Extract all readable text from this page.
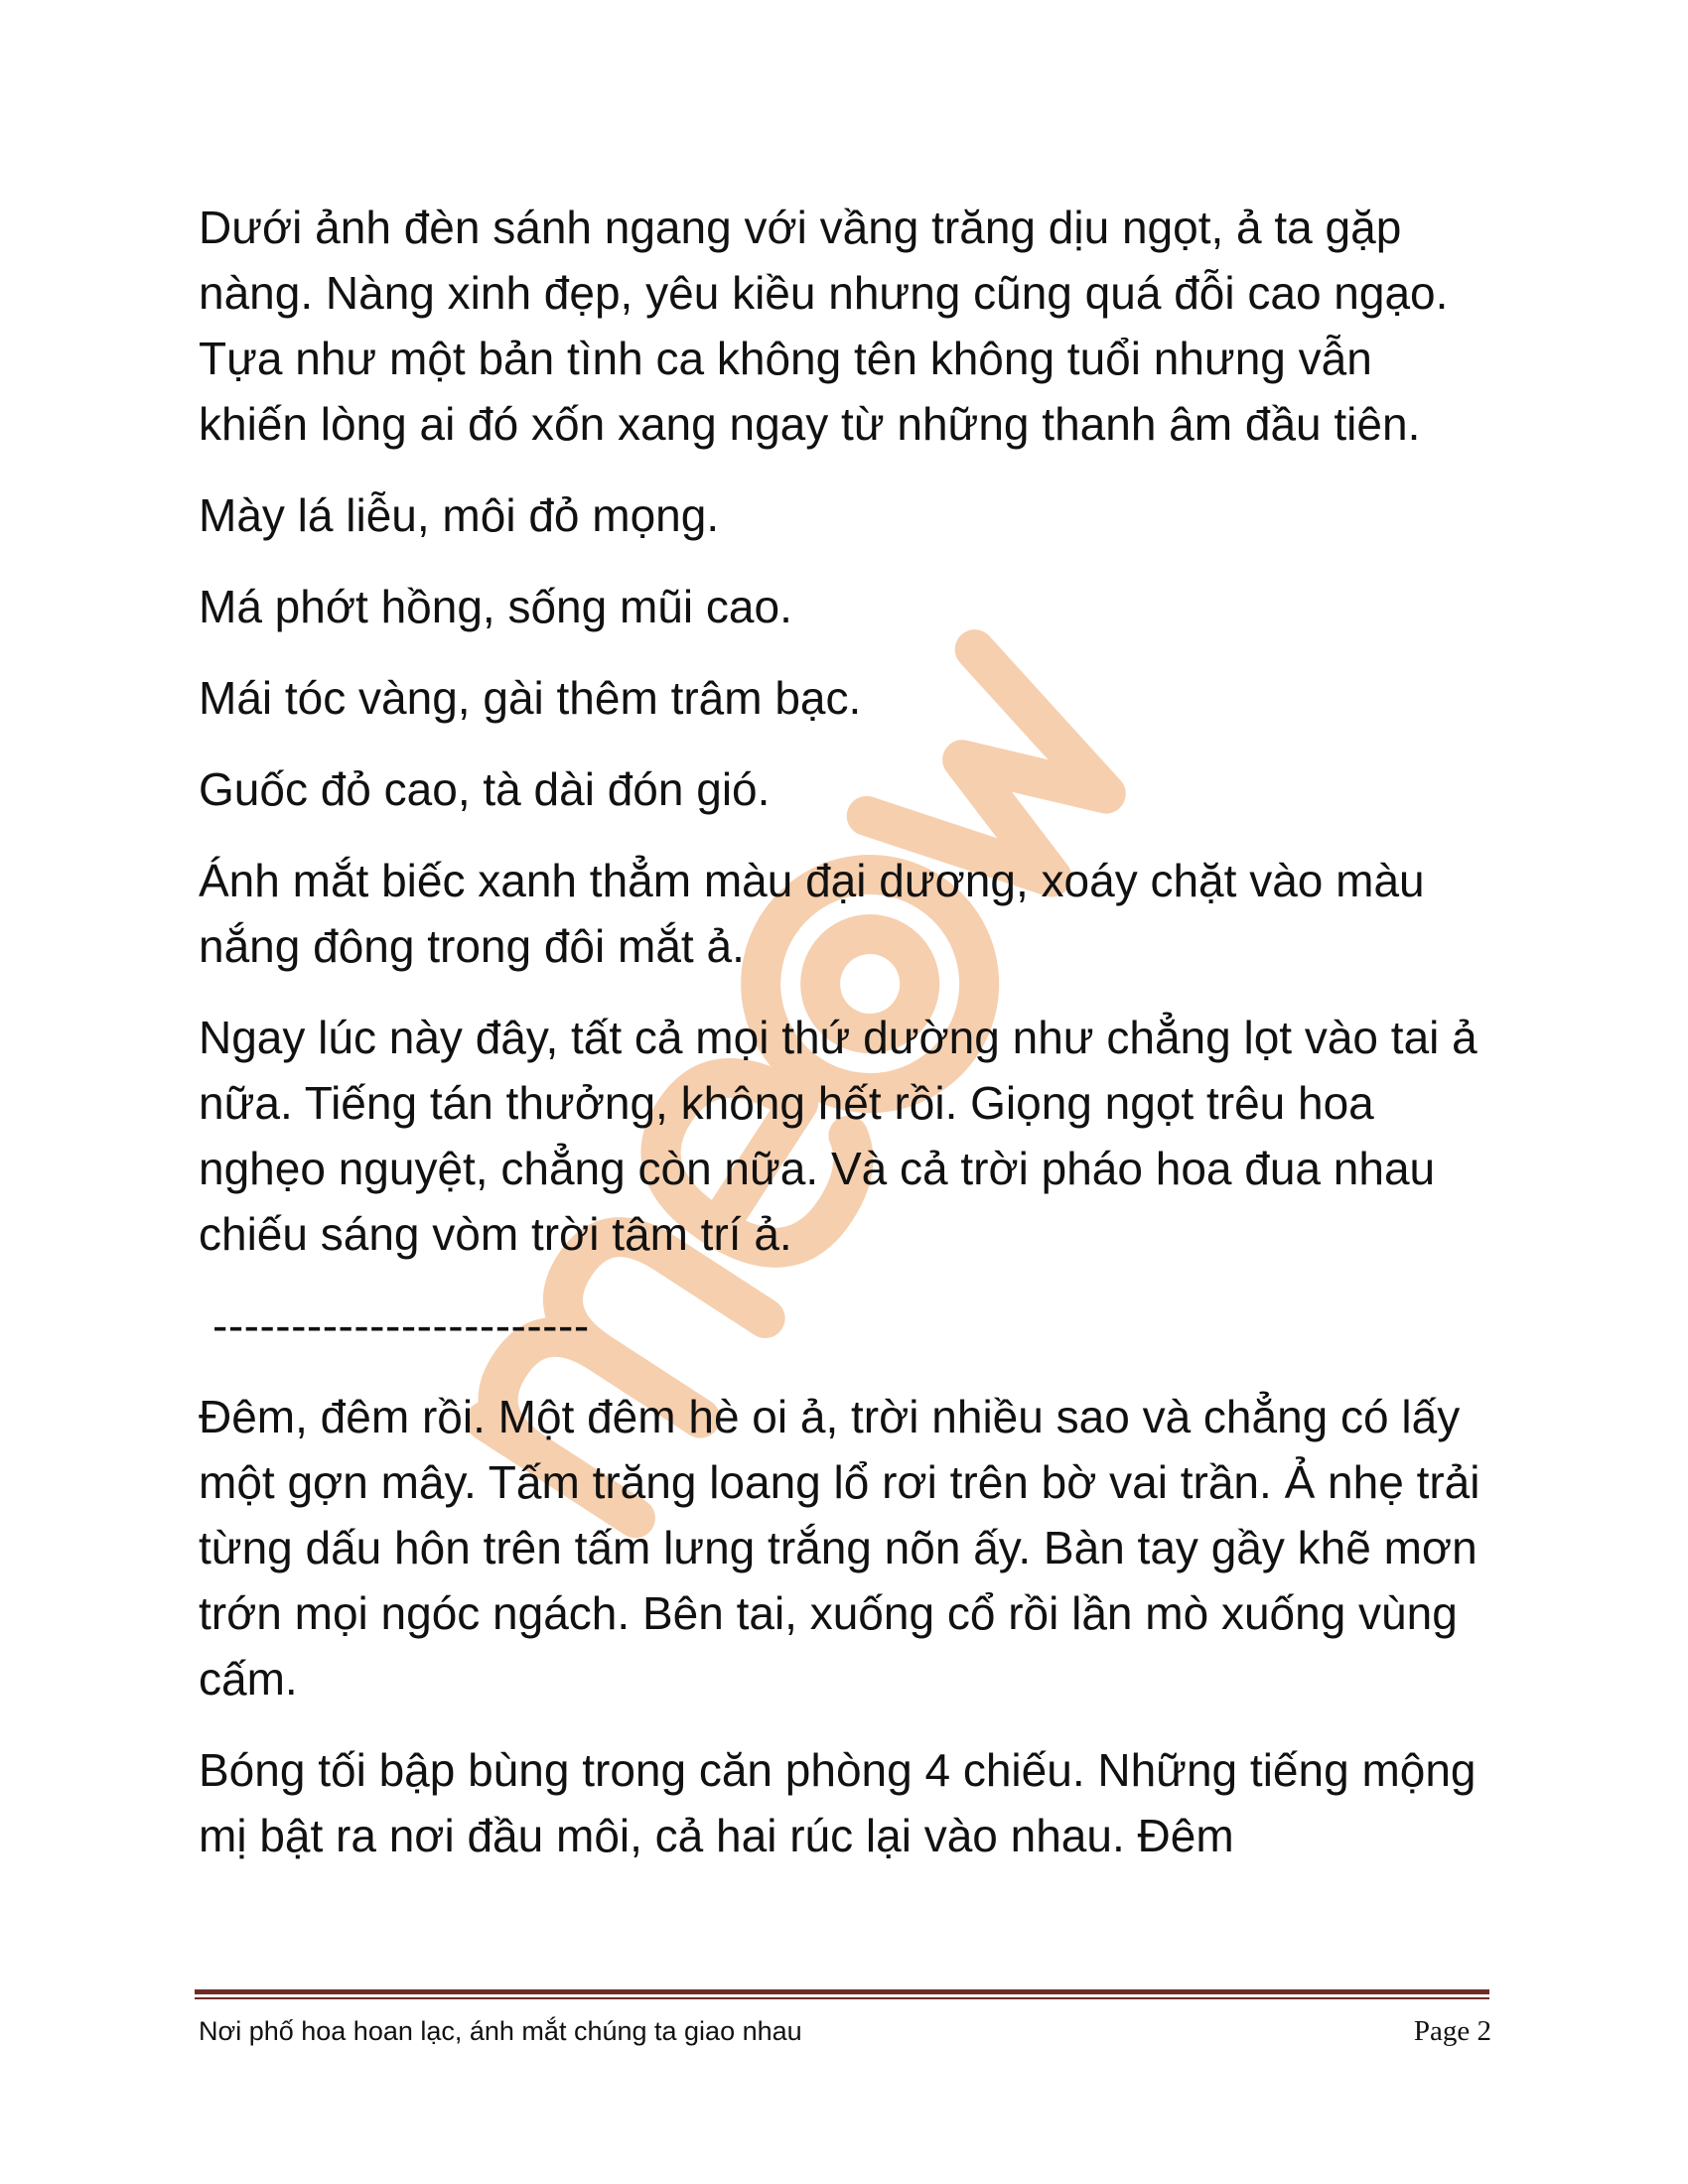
Dưới ảnh đèn sánh ngang với vầng trăng dịu ngọt, ả ta gặp nàng. Nàng xinh đẹp, yêu kiều nhưng cũng quá đỗi cao ngạo. Tựa như một bản tình ca không tên không tuổi nhưng vẫn khiến lòng ai đó xốn xang ngay từ những thanh âm đầu tiên.

Mày lá liễu, môi đỏ mọng.

Má phớt hồng, sống mũi cao.

Mái tóc vàng, gài thêm trâm bạc.

Guốc đỏ cao, tà dài đón gió.

Ánh mắt biếc xanh thẳm màu đại dương, xoáy chặt vào màu nắng đông trong đôi mắt ả.

Ngay lúc này đây, tất cả mọi thứ dường như chẳng lọt vào tai ả nữa. Tiếng tán thưởng, không hết rồi. Giọng ngọt trêu hoa nghẹo nguyệt, chẳng còn nữa. Và cả trời pháo hoa đua nhau chiếu sáng vòm trời tâm trí ả.

------------------------

Đêm, đêm rồi. Một đêm hè oi ả, trời nhiều sao và chẳng có lấy một gợn mây. Tấm trăng loang lổ rơi trên bờ vai trần. Ả nhẹ trải từng dấu hôn trên tấm lưng trắng nõn ấy. Bàn tay gầy khẽ mơn trớn mọi ngóc ngách. Bên tai, xuống cổ rồi lần mò xuống vùng cấm.

Bóng tối bập bùng trong căn phòng 4 chiếu. Những tiếng mộng mị bật ra nơi đầu môi, cả hai rúc lại vào nhau. Đêm

Nơi phố hoa hoan lạc, ánh mắt chúng ta giao nhau	Page 2
